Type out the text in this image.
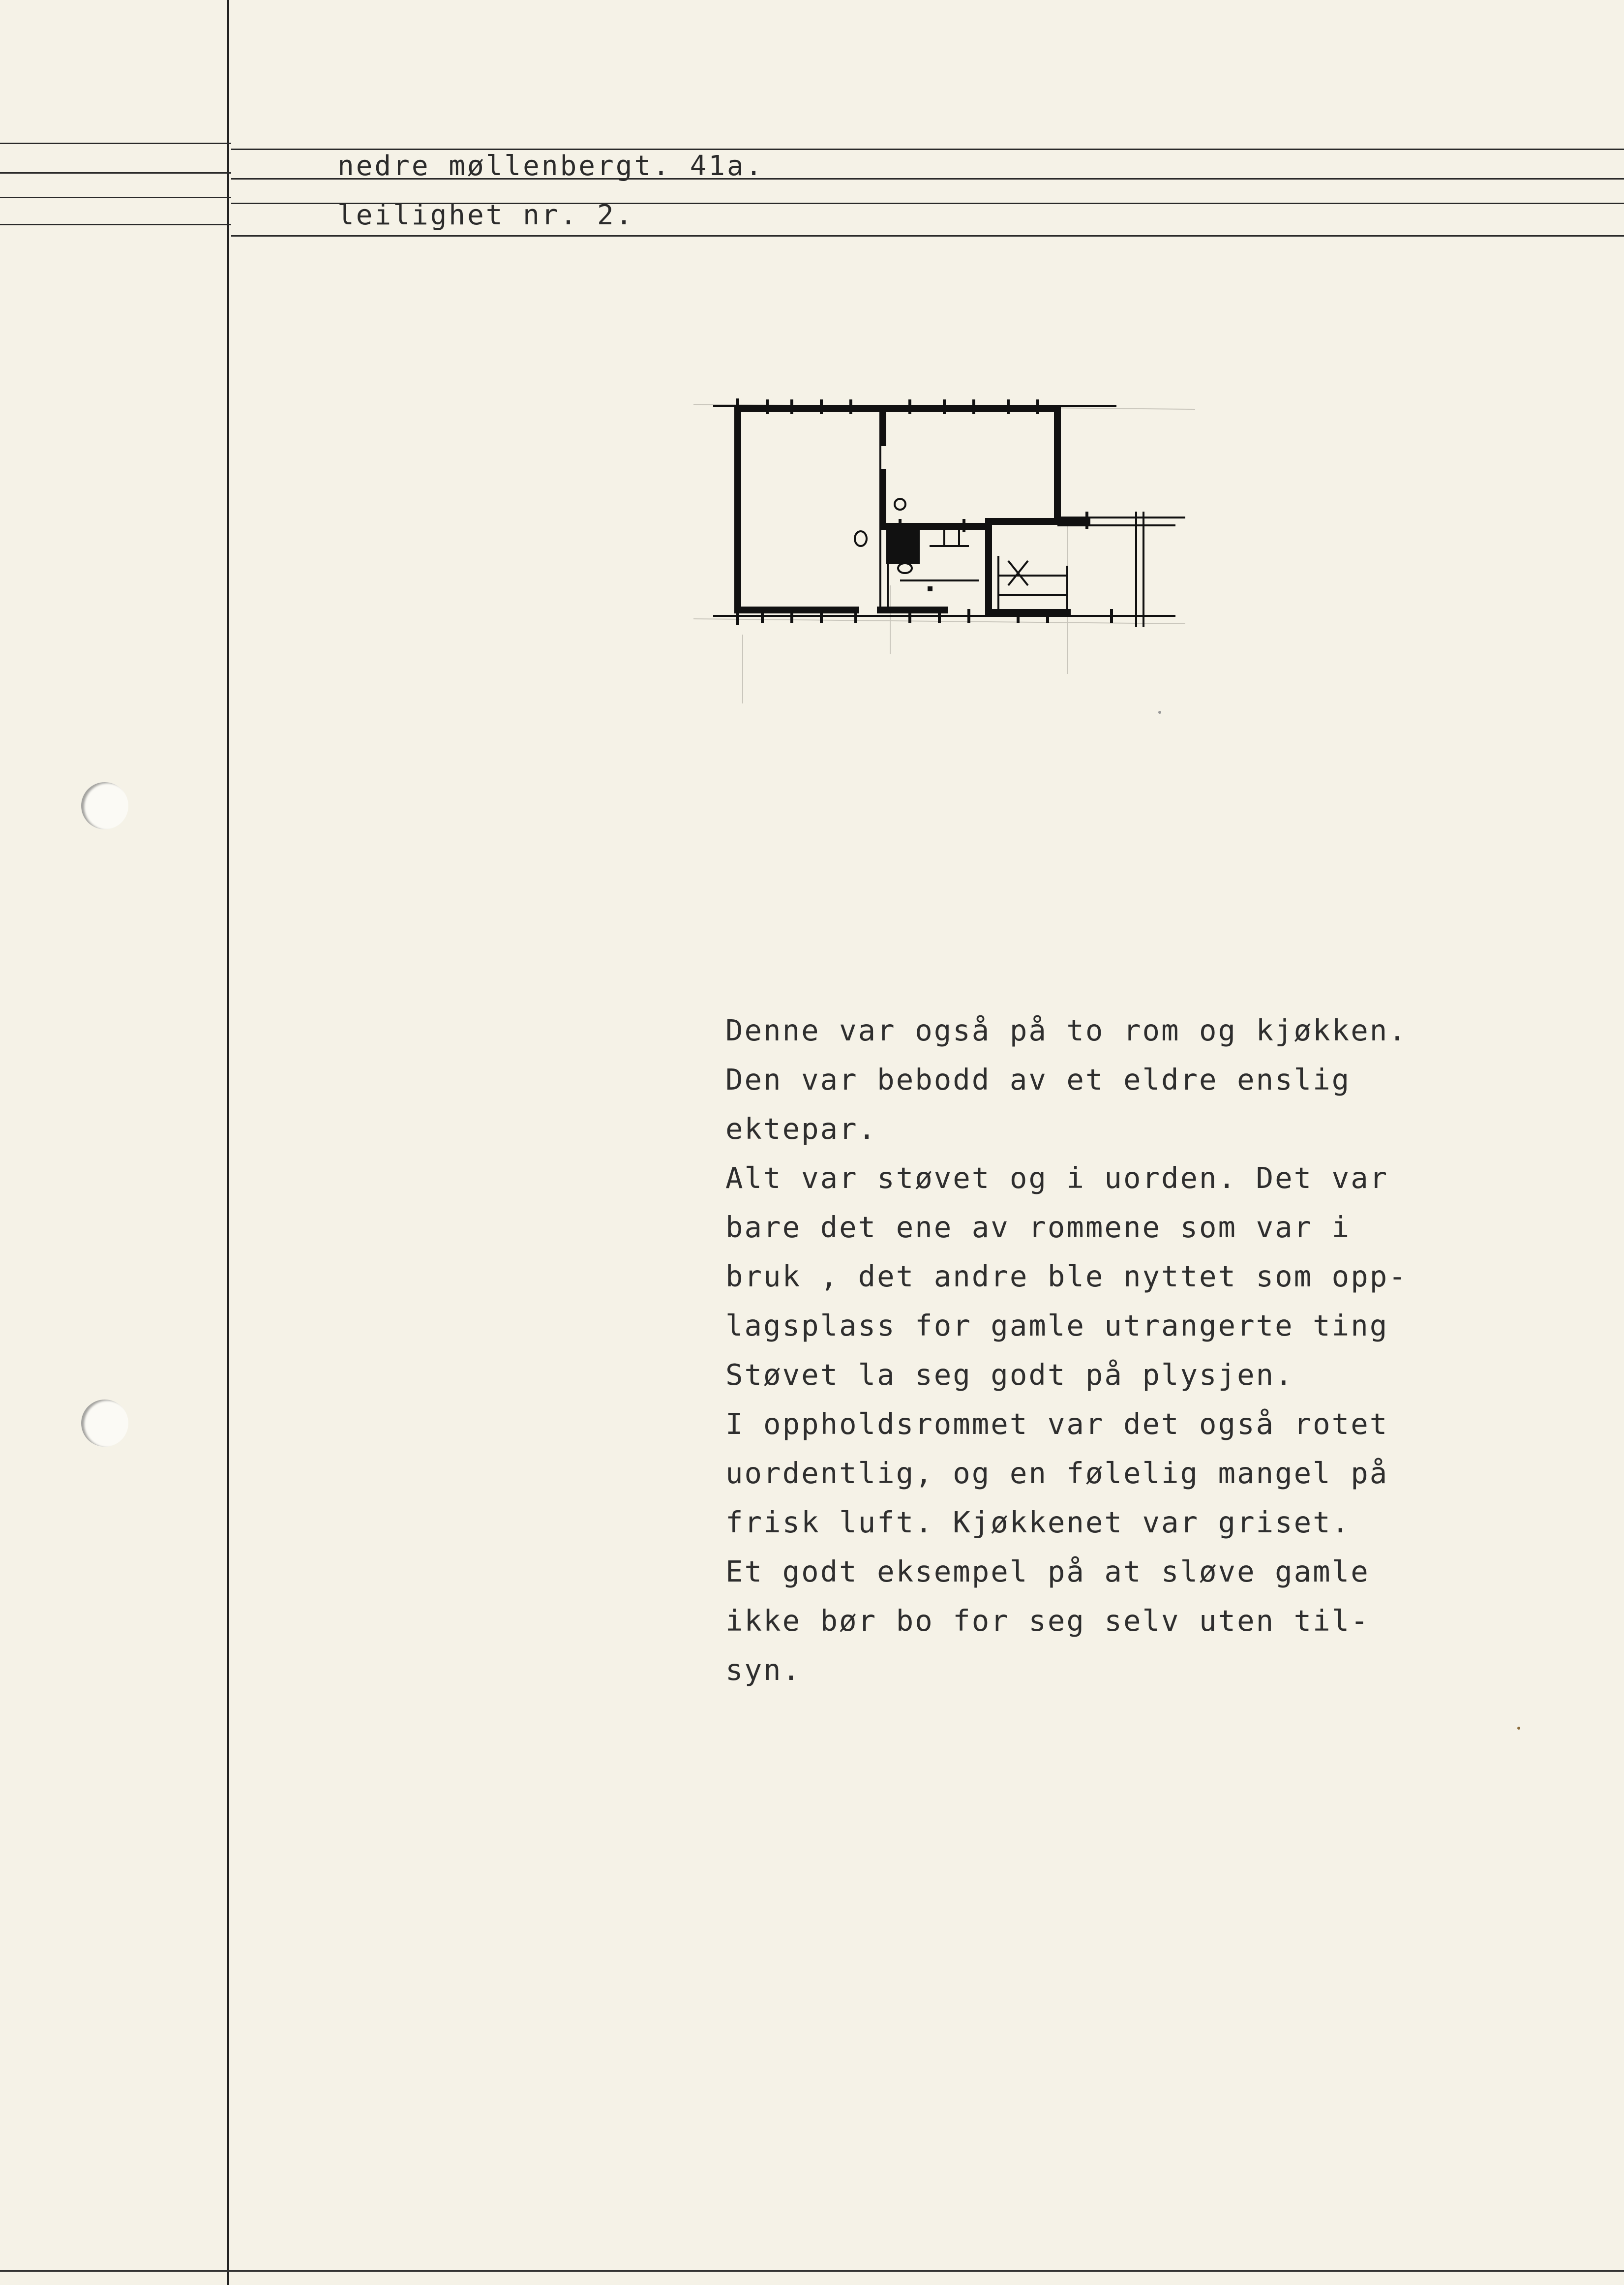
nedre møllenbergt. 41a.
leilighet nr. 2.
Denne var også på to rom og kjøkken.
Den var bebodd av et eldre enslig
ektepar.
Alt var støvet og i uorden. Det var
bare det ene av rommene som var i
bruk , det andre ble nyttet som opp-
lagsplass for gamle utrangerte ting
Støvet la seg godt på plysjen.
I oppholdsrommet var det også rotet
uordentlig, og en følelig mangel på
frisk luft. Kjøkkenet var griset.
Et godt eksempel på at sløve gamle
ikke bør bo for seg selv uten til-
syn.
